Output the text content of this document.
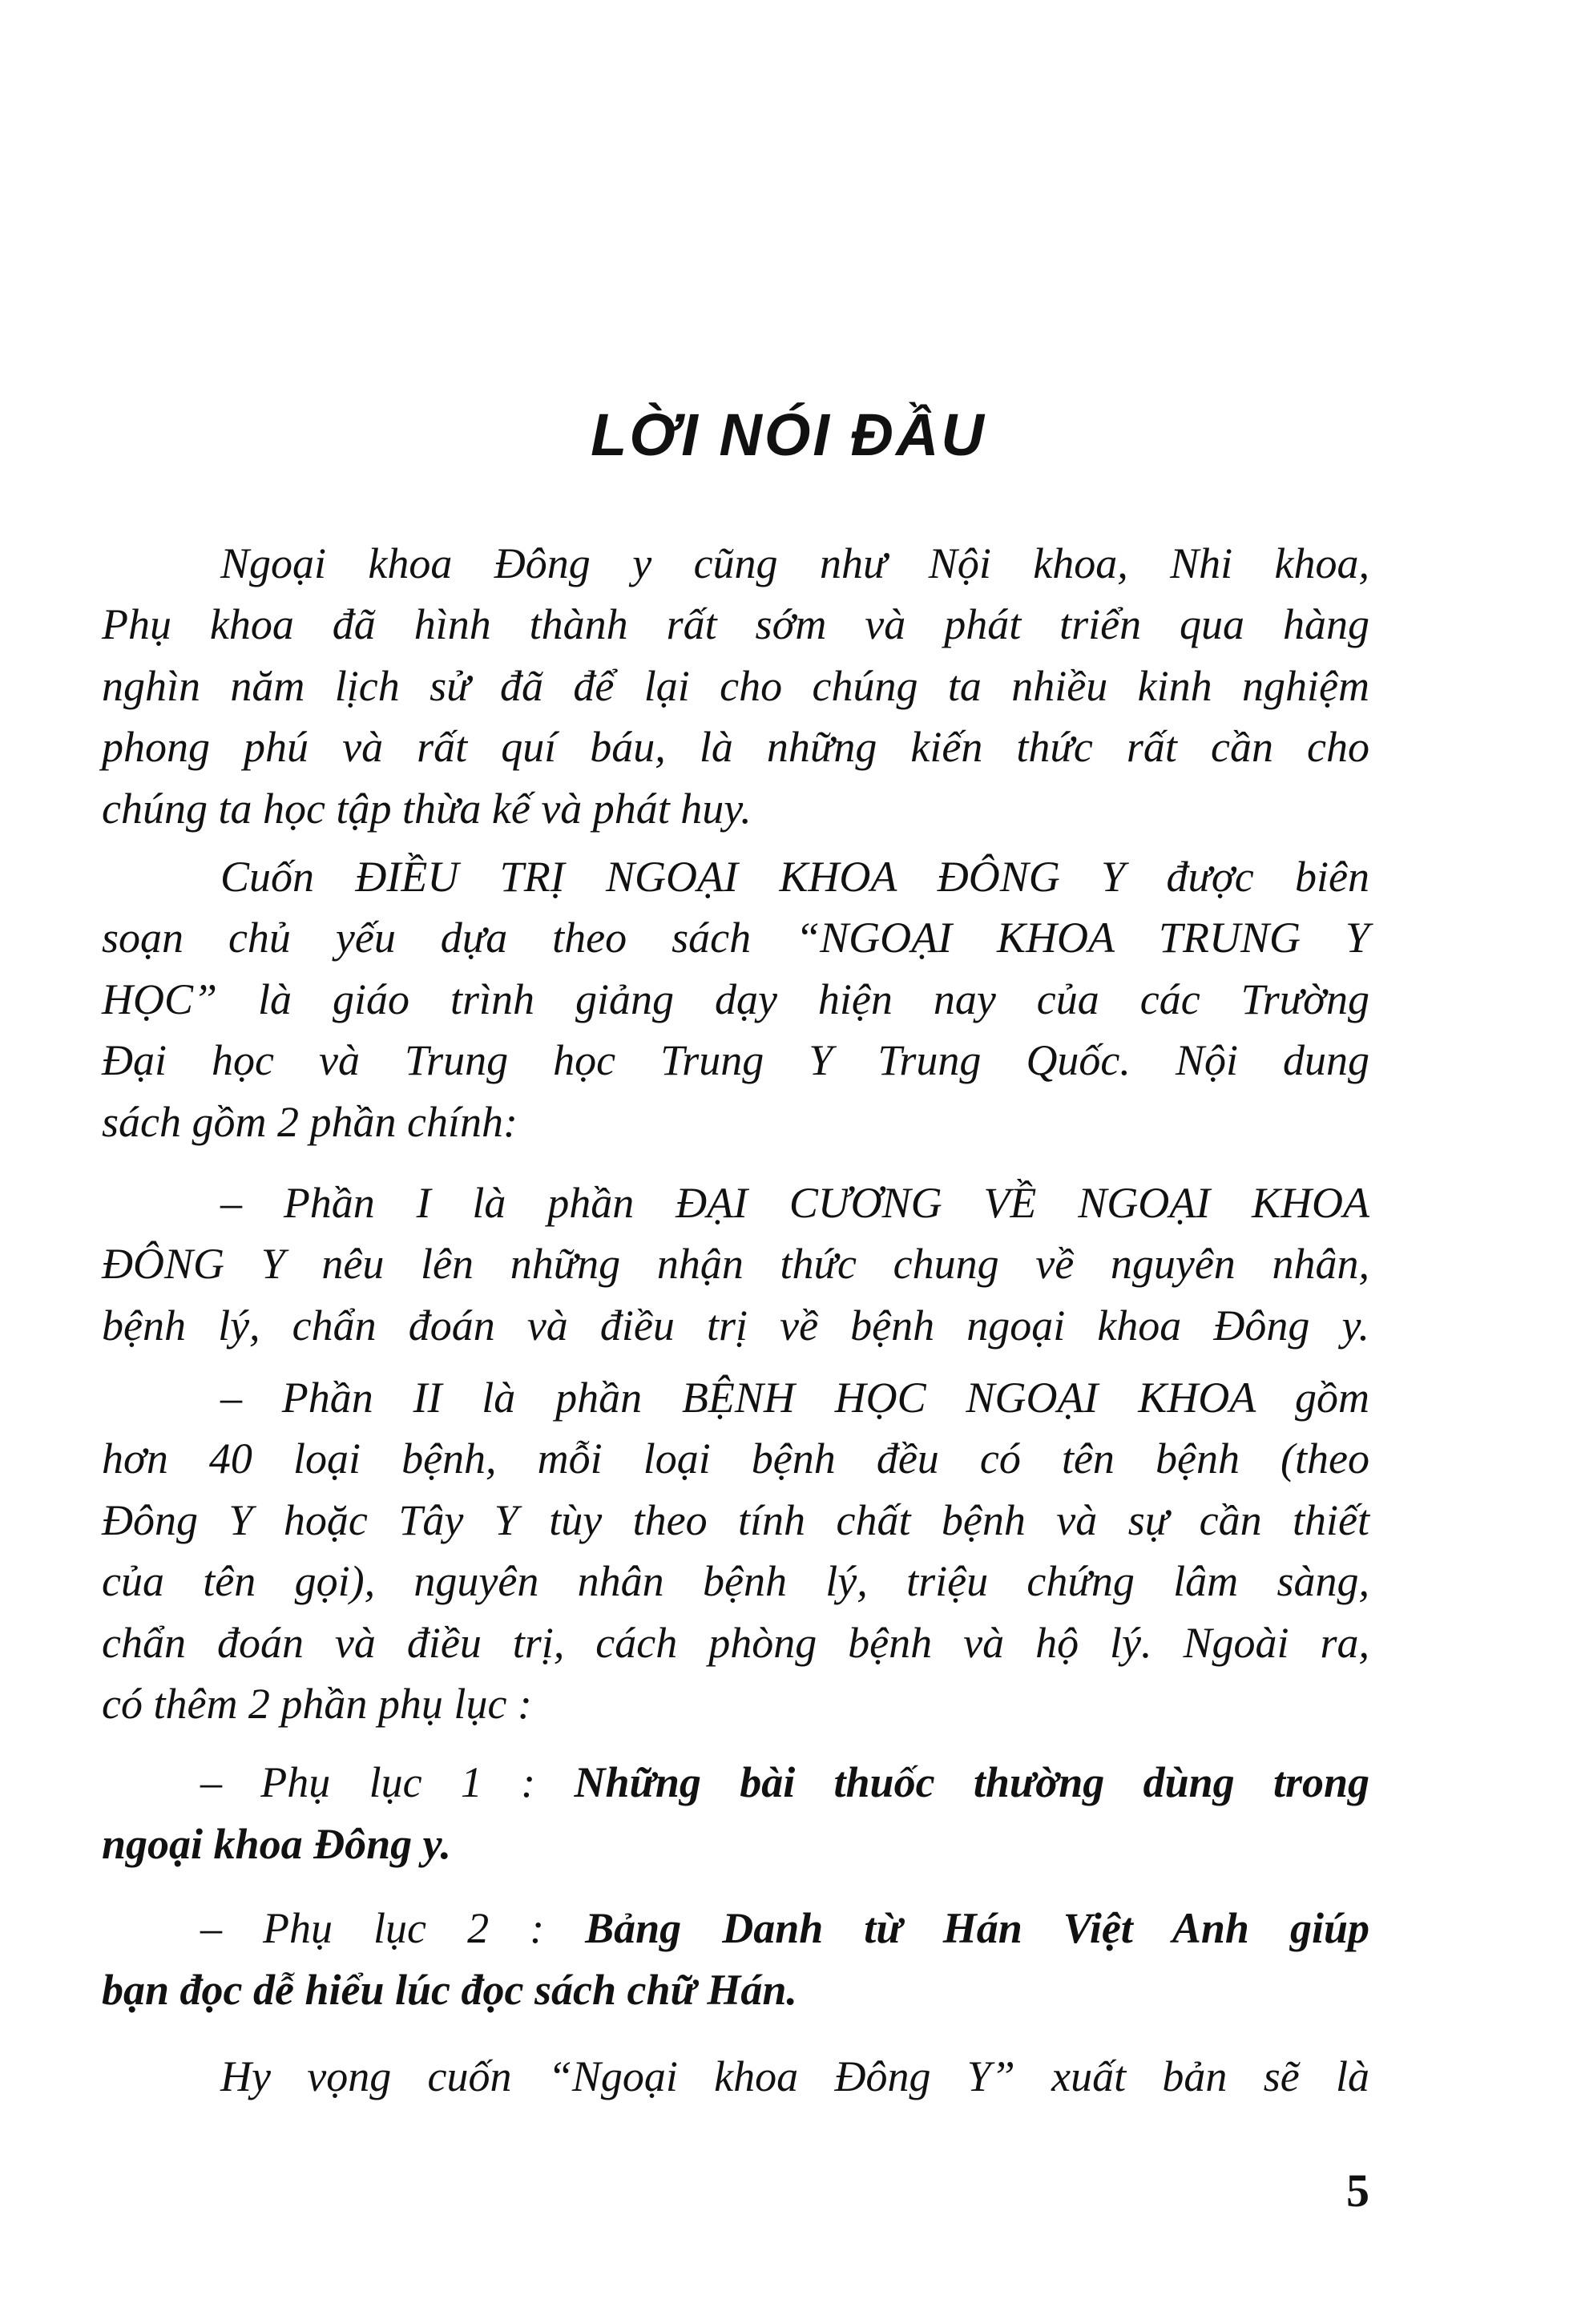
LỜI NÓI ĐẦU
Ngoại khoa Đông y cũng như Nội khoa, Nhi khoa,
Phụ khoa đã hình thành rất sớm và phát triển qua hàng
nghìn năm lịch sử đã để lại cho chúng ta nhiều kinh nghiệm
phong phú và rất quí báu, là những kiến thức rất cần cho
chúng ta học tập thừa kế và phát huy.
Cuốn ĐIỀU TRỊ NGOẠI KHOA ĐÔNG Y được biên
soạn chủ yếu dựa theo sách “NGOẠI KHOA TRUNG Y
HỌC” là giáo trình giảng dạy hiện nay của các Trường
Đại học và Trung học Trung Y Trung Quốc. Nội dung
sách gồm 2 phần chính:
– Phần I là phần ĐẠI CƯƠNG VỀ NGOẠI KHOA
ĐÔNG Y nêu lên những nhận thức chung về nguyên nhân,
bệnh lý, chẩn đoán và điều trị về bệnh ngoại khoa Đông y.
– Phần II là phần BỆNH HỌC NGOẠI KHOA gồm
hơn 40 loại bệnh, mỗi loại bệnh đều có tên bệnh (theo
Đông Y hoặc Tây Y tùy theo tính chất bệnh và sự cần thiết
của tên gọi), nguyên nhân bệnh lý, triệu chứng lâm sàng,
chẩn đoán và điều trị, cách phòng bệnh và hộ lý. Ngoài ra,
có thêm 2 phần phụ lục :
– Phụ lục 1 : Những bài thuốc thường dùng trong
ngoại khoa Đông y.
– Phụ lục 2 : Bảng Danh từ Hán Việt Anh giúp
bạn đọc dễ hiểu lúc đọc sách chữ Hán.
Hy vọng cuốn “Ngoại khoa Đông Y” xuất bản sẽ là
5
